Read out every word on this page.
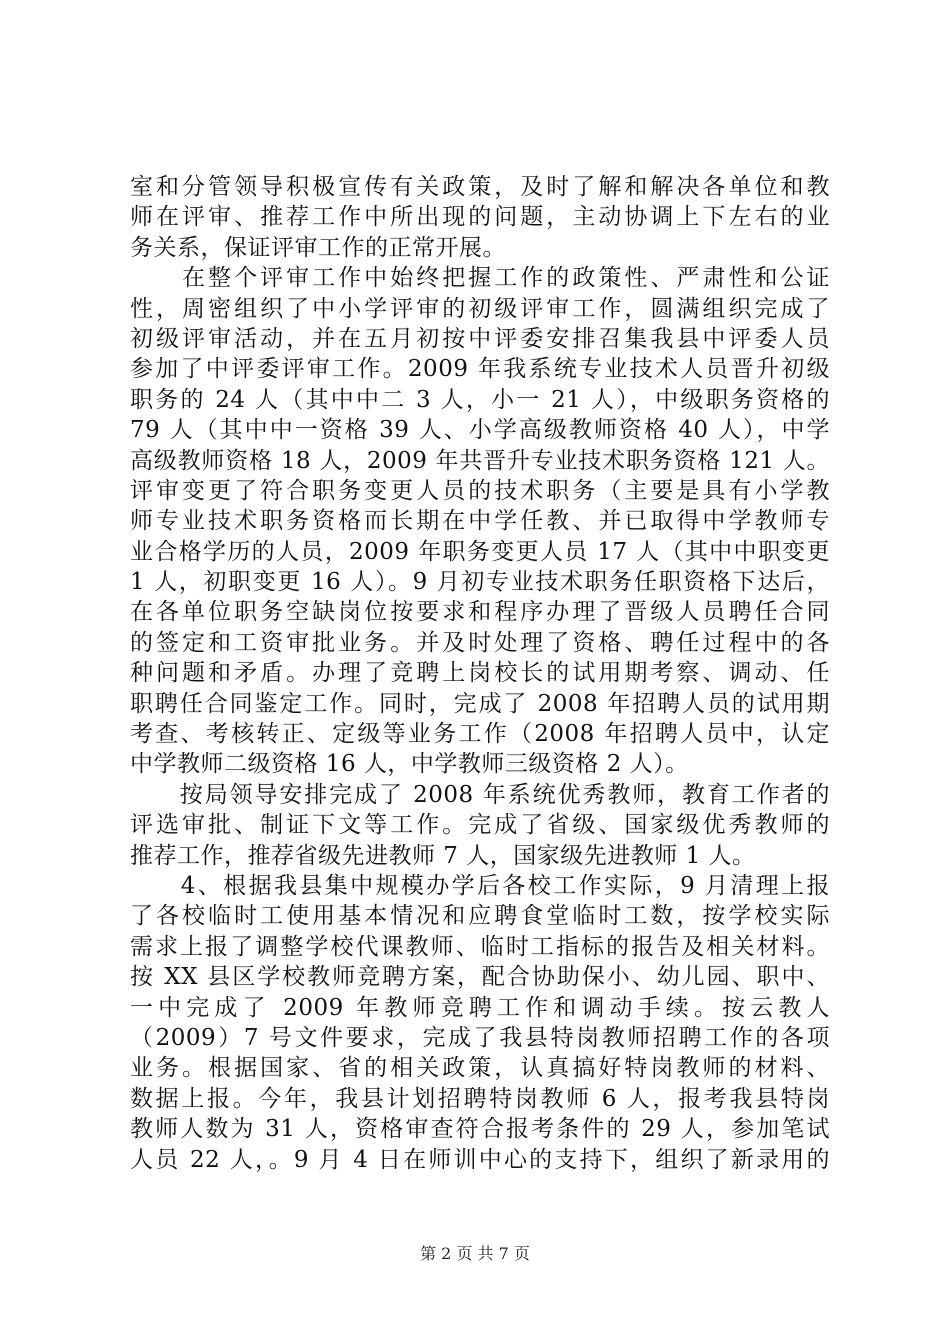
室和分管领导积极宣传有关政策，及时了解和解决各单位和教
师在评审、推荐工作中所出现的问题，主动协调上下左右的业
务关系，保证评审工作的正常开展。
　　在整个评审工作中始终把握工作的政策性、严肃性和公证
性，周密组织了中小学评审的初级评审工作，圆满组织完成了
初级评审活动，并在五月初按中评委安排召集我县中评委人员
参加了中评委评审工作。2009 年我系统专业技术人员晋升初级
职务的 24 人（其中中二 3 人，小一 21 人），中级职务资格的
79 人（其中中一资格 39 人、小学高级教师资格 40 人），中学
高级教师资格 18 人，2009 年共晋升专业技术职务资格 121 人。
评审变更了符合职务变更人员的技术职务（主要是具有小学教
师专业技术职务资格而长期在中学任教、并已取得中学教师专
业合格学历的人员，2009 年职务变更人员 17 人（其中中职变更
1 人，初职变更 16 人）。9 月初专业技术职务任职资格下达后，
在各单位职务空缺岗位按要求和程序办理了晋级人员聘任合同
的签定和工资审批业务。并及时处理了资格、聘任过程中的各
种问题和矛盾。办理了竞聘上岗校长的试用期考察、调动、任
职聘任合同鉴定工作。同时，完成了 2008 年招聘人员的试用期
考查、考核转正、定级等业务工作（2008 年招聘人员中，认定
中学教师二级资格 16 人，中学教师三级资格 2 人）。
　　按局领导安排完成了 2008 年系统优秀教师，教育工作者的
评选审批、制证下文等工作。完成了省级、国家级优秀教师的
推荐工作，推荐省级先进教师 7 人，国家级先进教师 1 人。
　　4、根据我县集中规模办学后各校工作实际，9 月清理上报
了各校临时工使用基本情况和应聘食堂临时工数，按学校实际
需求上报了调整学校代课教师、临时工指标的报告及相关材料。
按 XX 县区学校教师竞聘方案，配合协助保小、幼儿园、职中、
一中完成了 2009 年教师竞聘工作和调动手续。按云教人
（2009）7 号文件要求，完成了我县特岗教师招聘工作的各项
业务。根据国家、省的相关政策，认真搞好特岗教师的材料、
数据上报。今年，我县计划招聘特岗教师 6 人，报考我县特岗
教师人数为 31 人，资格审查符合报考条件的 29 人，参加笔试
人员 22 人，。9 月 4 日在师训中心的支持下，组织了新录用的
第 2 页 共 7 页
